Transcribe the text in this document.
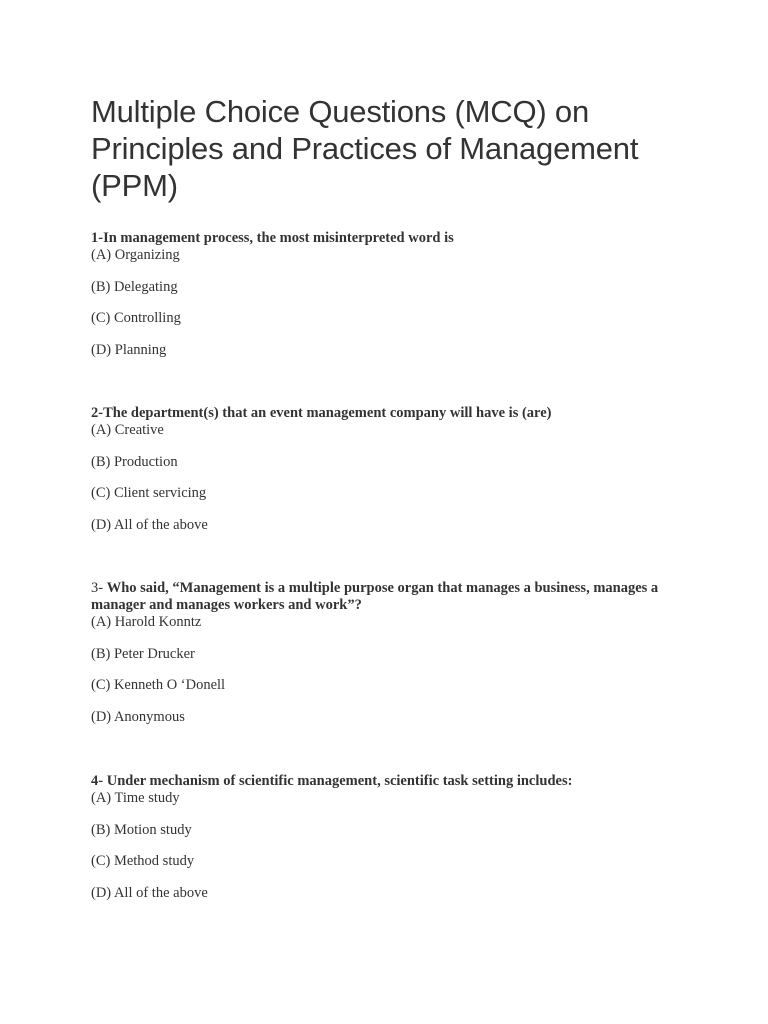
Multiple Choice Questions (MCQ) on
Principles and Practices of Management
(PPM)

1-In management process, the most misinterpreted word is

(A) Organizing

(B) Delegating

(C) Controlling

(D) Planning

2-The department(s) that an event management company will have is (are)

(A) Creative

(B) Production

(C) Client servicing

(D) All of the above

3- Who said, “Management is a multiple purpose organ that manages a business, manages a manager and manages workers and work”?

(A) Harold Konntz

(B) Peter Drucker

(C) Kenneth O ‘Donell

(D) Anonymous

4- Under mechanism of scientific management, scientific task setting includes:

(A) Time study

(B) Motion study

(C) Method study

(D) All of the above
